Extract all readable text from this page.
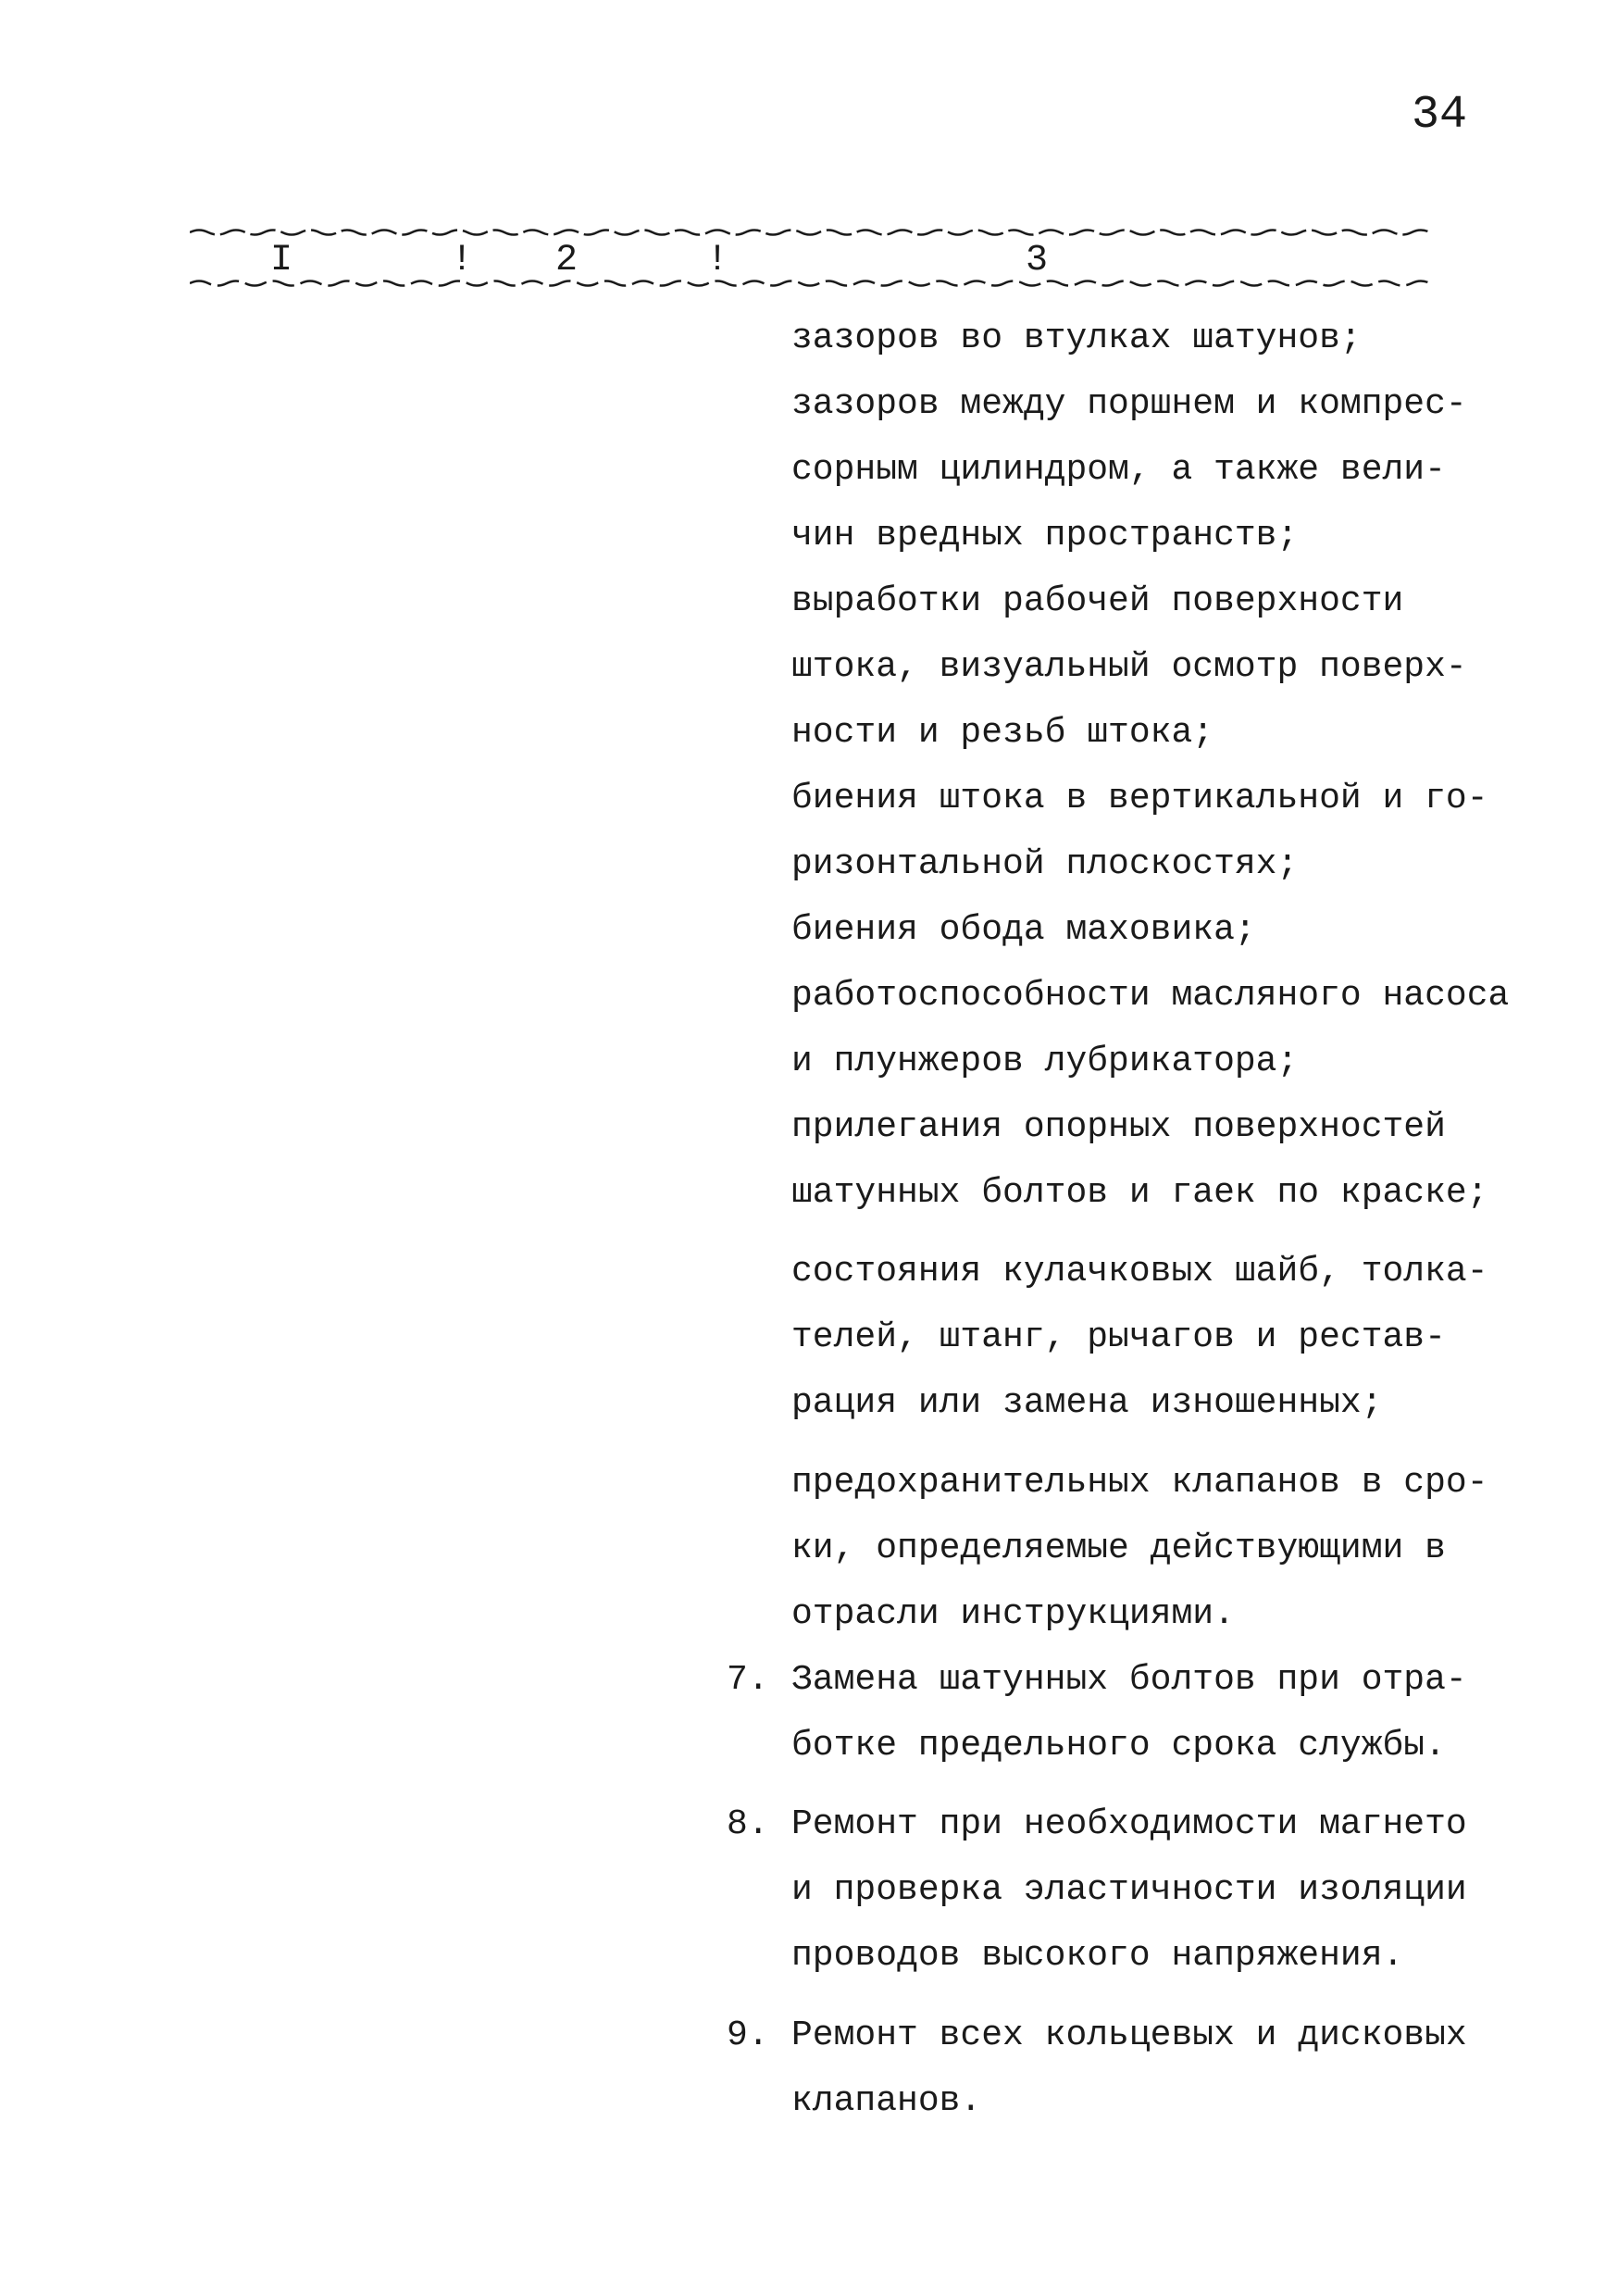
34
I	! 2	!	3
зазоров во втулках шатунов;
зазоров между поршнем и компрес-
сорным цилиндром, а также вели-
чин вредных пространств;
выработки рабочей поверхности
штока, визуальный осмотр поверх-
ности и резьб штока;
биения штока в вертикальной и го-
ризонтальной плоскостях;
биения обода маховика;
работоспособности масляного насоса
и плунжеров лубрикатора;
прилегания опорных поверхностей
шатунных болтов и гаек по краске;
состояния кулачковых шайб, толка-
телей, штанг, рычагов и рестав-
рация или замена изношенных;
предохранительных клапанов в сро-
ки, определяемые действующими в
отрасли инструкциями.
7. Замена шатунных болтов при отра-
ботке предельного срока службы.
8. Ремонт при необходимости магнето
и проверка эластичности изоляции
проводов высокого напряжения.
9. Ремонт всех кольцевых и дисковых
клапанов.
